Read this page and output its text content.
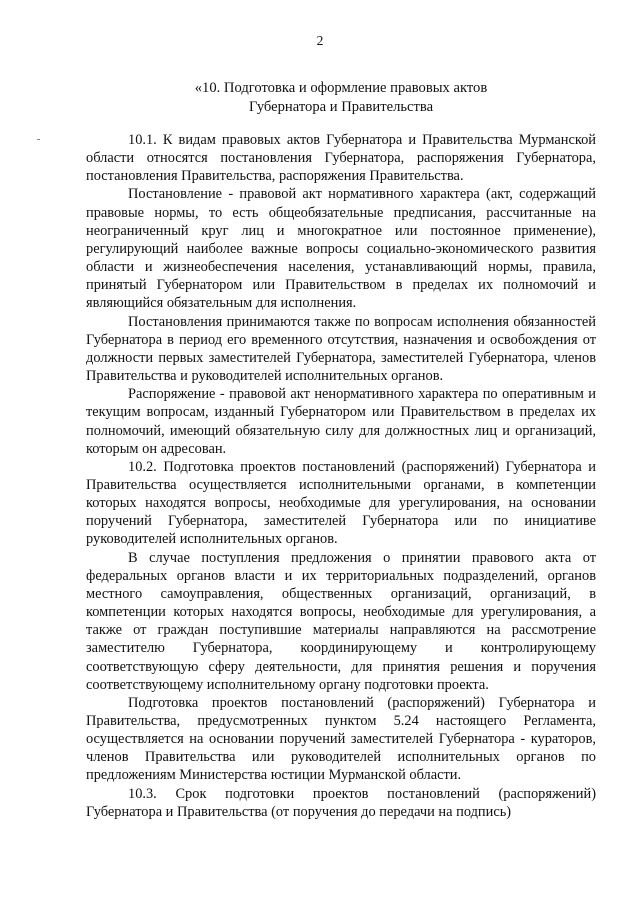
2
«10. Подготовка и оформление правовых актов
Губернатора и Правительства

10.1. К видам правовых актов Губернатора и Правительства Мурманской области относятся постановления Губернатора, распоряжения Губернатора, постановления Правительства, распоряжения Правительства.

Постановление - правовой акт нормативного характера (акт, содержащий правовые нормы, то есть общеобязательные предписания, рассчитанные на неограниченный круг лиц и многократное или постоянное применение), регулирующий наиболее важные вопросы социально-экономического развития области и жизнеобеспечения населения, устанавливающий нормы, правила, принятый Губернатором или Правительством в пределах их полномочий и являющийся обязательным для исполнения.

Постановления принимаются также по вопросам исполнения обязанностей Губернатора в период его временного отсутствия, назначения и освобождения от должности первых заместителей Губернатора, заместителей Губернатора, членов Правительства и руководителей исполнительных органов.

Распоряжение - правовой акт ненормативного характера по оперативным и текущим вопросам, изданный Губернатором или Правительством в пределах их полномочий, имеющий обязательную силу для должностных лиц и организаций, которым он адресован.

10.2. Подготовка проектов постановлений (распоряжений) Губернатора и Правительства осуществляется исполнительными органами, в компетенции которых находятся вопросы, необходимые для урегулирования, на основании поручений Губернатора, заместителей Губернатора или по инициативе руководителей исполнительных органов.

В случае поступления предложения о принятии правового акта от федеральных органов власти и их территориальных подразделений, органов местного самоуправления, общественных организаций, организаций, в компетенции которых находятся вопросы, необходимые для урегулирования, а также от граждан поступившие материалы направляются на рассмотрение заместителю Губернатора, координирующему и контролирующему соответствующую сферу деятельности, для принятия решения и поручения соответствующему исполнительному органу подготовки проекта.

Подготовка проектов постановлений (распоряжений) Губернатора и Правительства, предусмотренных пунктом 5.24 настоящего Регламента, осуществляется на основании поручений заместителей Губернатора - кураторов, членов Правительства или руководителей исполнительных органов по предложениям Министерства юстиции Мурманской области.

10.3. Срок подготовки проектов постановлений (распоряжений) Губернатора и Правительства (от поручения до передачи на подпись)
